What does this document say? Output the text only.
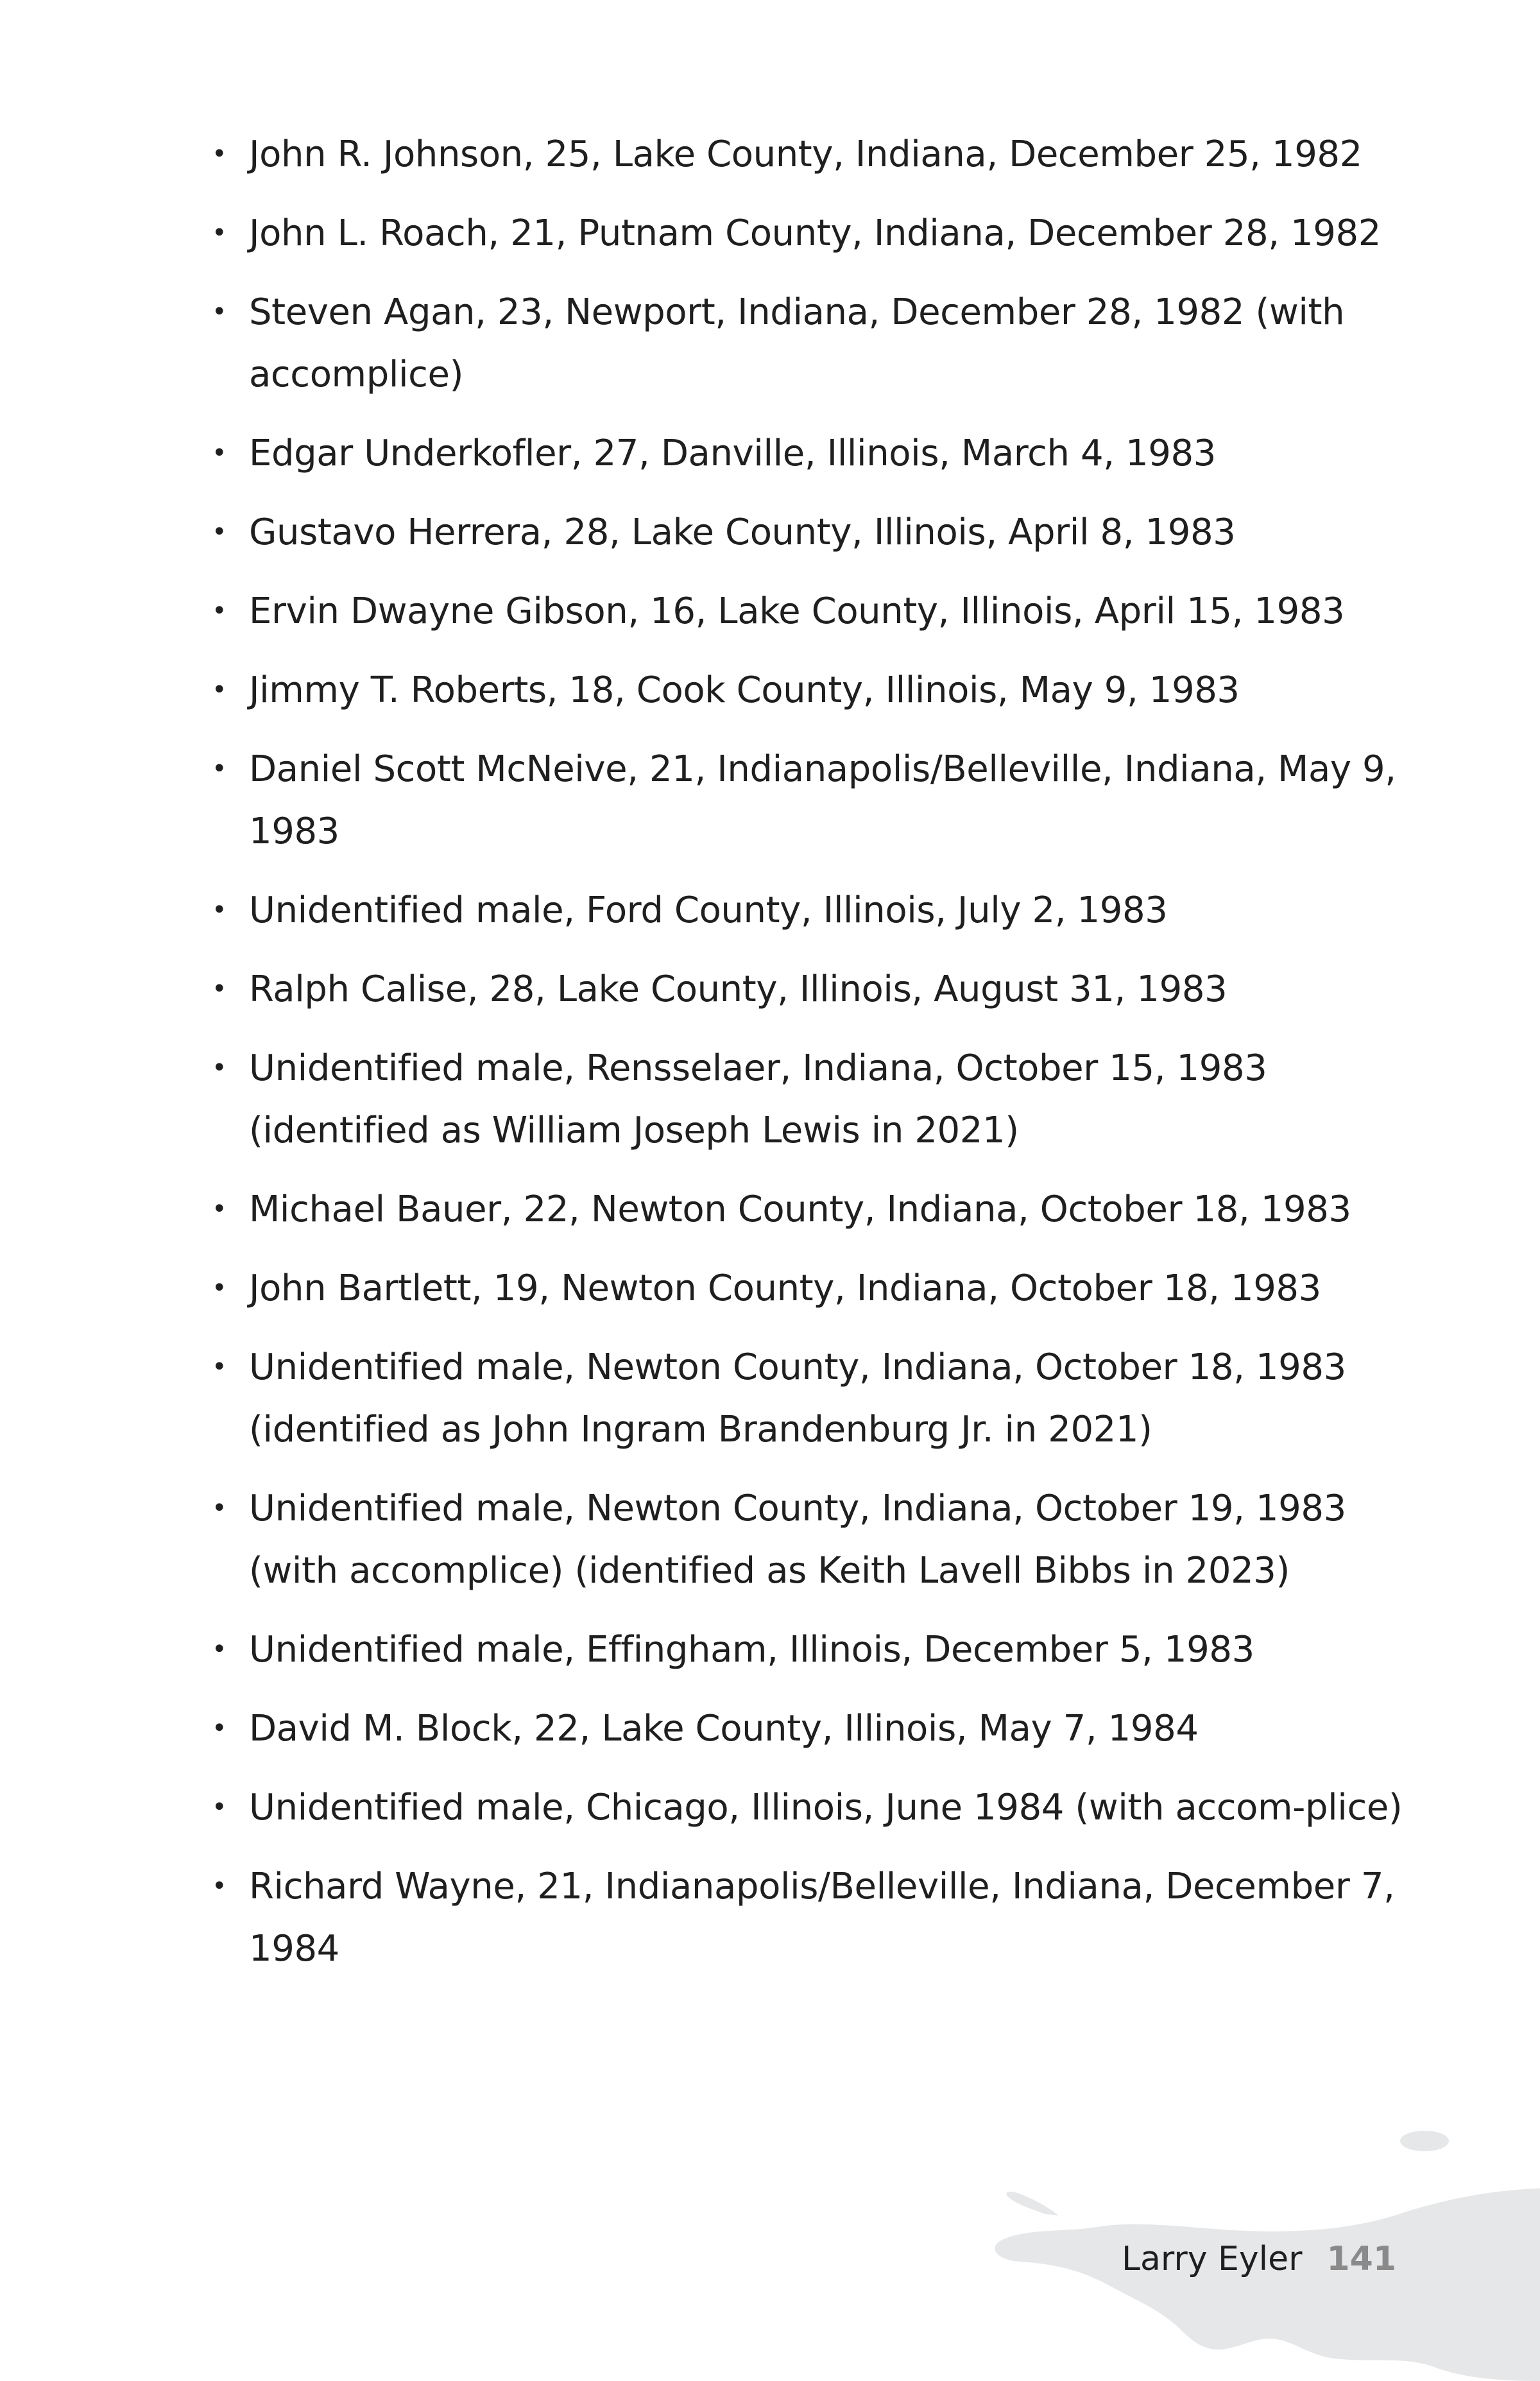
• John R. Johnson, 25, Lake County, Indiana, December 25, 1982
• John L. Roach, 21, Putnam County, Indiana, December 28, 1982
• Steven Agan, 23, Newport, Indiana, December 28, 1982 (with accomplice)
• Edgar Underkofler, 27, Danville, Illinois, March 4, 1983
• Gustavo Herrera, 28, Lake County, Illinois, April 8, 1983
• Ervin Dwayne Gibson, 16, Lake County, Illinois, April 15, 1983
• Jimmy T. Roberts, 18, Cook County, Illinois, May 9, 1983
• Daniel Scott McNeive, 21, Indianapolis/Belleville, Indiana, May 9, 1983
• Unidentified male, Ford County, Illinois, July 2, 1983
• Ralph Calise, 28, Lake County, Illinois, August 31, 1983
• Unidentified male, Rensselaer, Indiana, October 15, 1983 (identified as William Joseph Lewis in 2021)
• Michael Bauer, 22, Newton County, Indiana, October 18, 1983
• John Bartlett, 19, Newton County, Indiana, October 18, 1983
• Unidentified male, Newton County, Indiana, October 18, 1983 (identified as John Ingram Brandenburg Jr. in 2021)
• Unidentified male, Newton County, Indiana, October 19, 1983 (with accomplice) (identified as Keith Lavell Bibbs in 2023)
• Unidentified male, Effingham, Illinois, December 5, 1983
• David M. Block, 22, Lake County, Illinois, May 7, 1984
• Unidentified male, Chicago, Illinois, June 1984 (with accom-plice)
• Richard Wayne, 21, Indianapolis/Belleville, Indiana, December 7, 1984
Larry Eyler 141
